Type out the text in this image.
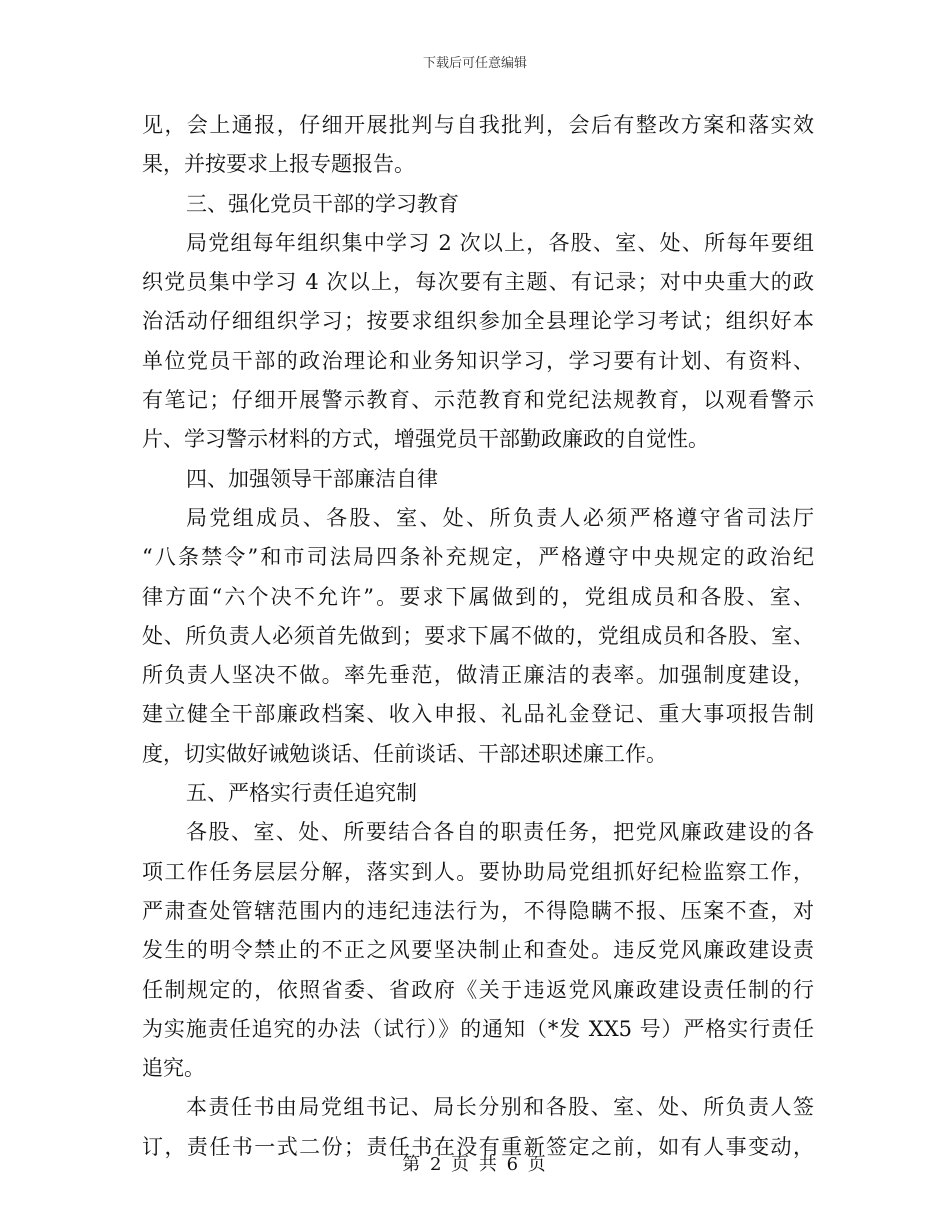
下载后可任意编辑
见，会上通报，仔细开展批判与自我批判，会后有整改方案和落实效
果，并按要求上报专题报告。
三、强化党员干部的学习教育
局党组每年组织集中学习 2 次以上，各股、室、处、所每年要组
织党员集中学习 4 次以上，每次要有主题、有记录；对中央重大的政
治活动仔细组织学习；按要求组织参加全县理论学习考试；组织好本
单位党员干部的政治理论和业务知识学习，学习要有计划、有资料、
有笔记；仔细开展警示教育、示范教育和党纪法规教育，以观看警示
片、学习警示材料的方式，增强党员干部勤政廉政的自觉性。
四、加强领导干部廉洁自律
局党组成员、各股、室、处、所负责人必须严格遵守省司法厅
“八条禁令”和市司法局四条补充规定，严格遵守中央规定的政治纪
律方面“六个决不允许”。要求下属做到的，党组成员和各股、室、
处、所负责人必须首先做到；要求下属不做的，党组成员和各股、室、
所负责人坚决不做。率先垂范，做清正廉洁的表率。加强制度建设，
建立健全干部廉政档案、收入申报、礼品礼金登记、重大事项报告制
度，切实做好诫勉谈话、任前谈话、干部述职述廉工作。
五、严格实行责任追究制
各股、室、处、所要结合各自的职责任务，把党风廉政建设的各
项工作任务层层分解，落实到人。要协助局党组抓好纪检监察工作，
严肃查处管辖范围内的违纪违法行为，不得隐瞒不报、压案不查，对
发生的明令禁止的不正之风要坚决制止和查处。违反党风廉政建设责
任制规定的，依照省委、省政府《关于违返党风廉政建设责任制的行
为实施责任追究的办法（试行）》的通知（*发 XX5 号）严格实行责任
追究。
本责任书由局党组书记、局长分别和各股、室、处、所负责人签
订，责任书一式二份；责任书在没有重新签定之前，如有人事变动，
第 2 页 共 6 页
